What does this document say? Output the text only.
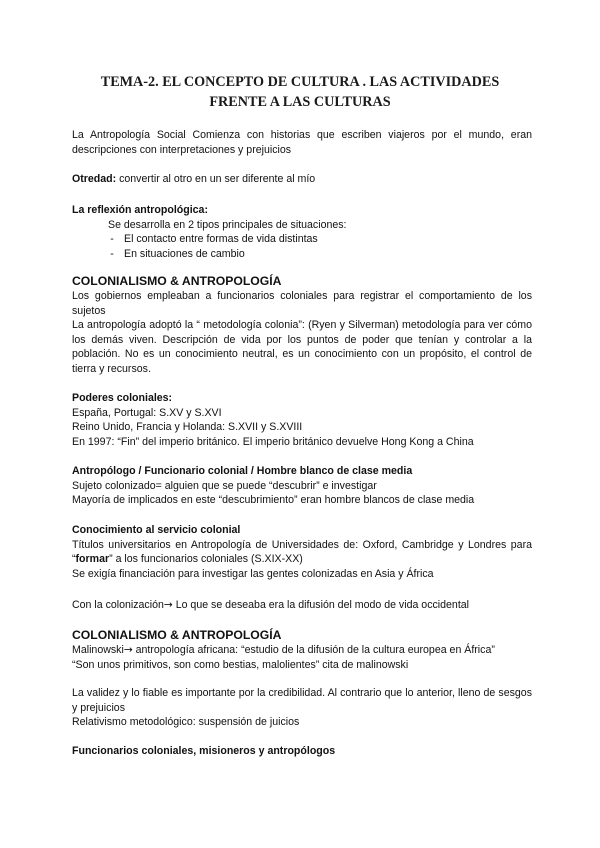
TEMA-2. EL CONCEPTO DE CULTURA . LAS ACTIVIDADES
FRENTE A LAS CULTURAS

La Antropología Social Comienza con historias que escriben viajeros por el mundo, eran descripciones con interpretaciones y prejuicios

Otredad: convertir al otro en un ser diferente al mío

La reflexión antropológica:

Se desarrolla en 2 tipos principales de situaciones:

- El contacto entre formas de vida distintas
- En situaciones de cambio

COLONIALISMO & ANTROPOLOGÍA

Los gobiernos empleaban a funcionarios coloniales para registrar el comportamiento de los sujetos

La antropología adoptó la “ metodología colonia”: (Ryen y Silverman) metodología para ver cómo los demás viven. Descripción de vida por los puntos de poder que tenían y controlar a la población. No es un conocimiento neutral, es un conocimiento con un propósito, el control de tierra y recursos.

Poderes coloniales:

España, Portugal: S.XV y S.XVI

Reino Unido, Francia y Holanda: S.XVII y S.XVIII

En 1997: “Fin” del imperio británico. El imperio británico devuelve Hong Kong a China

Antropólogo / Funcionario colonial / Hombre blanco de clase media

Sujeto colonizado= alguien que se puede “descubrir” e investigar

Mayoría de implicados en este “descubrimiento” eran hombre blancos de clase media

Conocimiento al servicio colonial

Títulos universitarios en Antropología de Universidades de: Oxford, Cambridge y Londres para “formar” a los funcionarios coloniales (S.XIX-XX)

Se exigía financiación para investigar las gentes colonizadas en Asia y África

Con la colonización→ Lo que se deseaba era la difusión del modo de vida occidental

COLONIALISMO & ANTROPOLOGÍA

Malinowski→ antropología africana: “estudio de la difusión de la cultura europea en África”

“Son unos primitivos, son como bestias, malolientes” cita de malinowski

La validez y lo fiable es importante por la credibilidad. Al contrario que lo anterior, lleno de sesgos y prejuicios

Relativismo metodológico: suspensión de juicios

Funcionarios coloniales, misioneros y antropólogos
